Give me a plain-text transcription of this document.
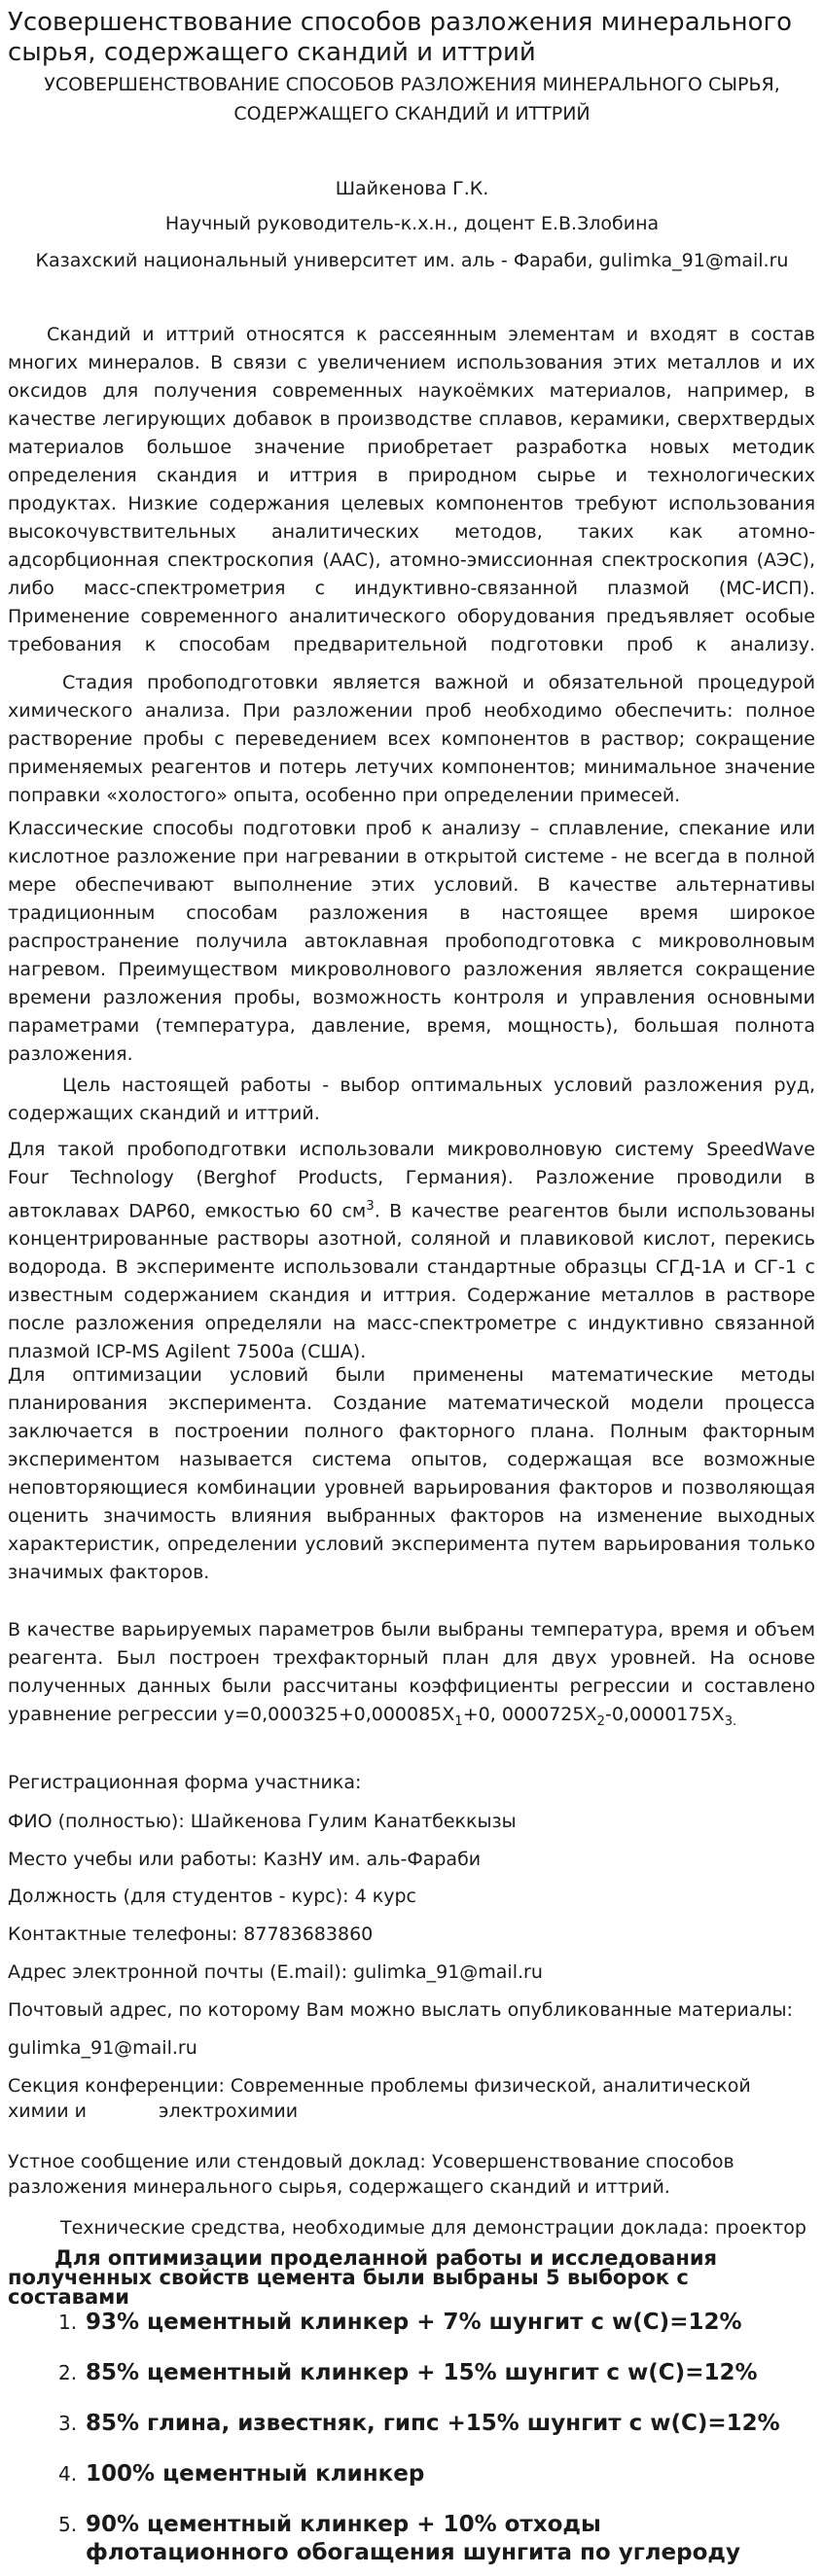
Усовершенствование способов разложения минерального сырья, содержащего скандий и иттрий
УСОВЕРШЕНСТВОВАНИЕ СПОСОБОВ РАЗЛОЖЕНИЯ МИНЕРАЛЬНОГО СЫРЬЯ, СОДЕРЖАЩЕГО СКАНДИЙ И ИТТРИЙ
Шайкенова Г.К.
Научный руководитель-к.х.н., доцент Е.В.Злобина
Казахский национальный университет им. аль - Фараби, gulimka_91@mail.ru

Скандий и иттрий относятся к рассеянным элементам и входят в состав многих минералов. В связи с увеличением использования этих металлов и их оксидов для получения современных наукоёмких материалов, например, в качестве легирующих добавок в производстве сплавов, керамики, сверхтвердых материалов большое значение приобретает разработка новых методик определения скандия и иттрия в природном сырье и технологических продуктах. Низкие содержания целевых компонентов требуют использования высокочувствительных аналитических методов, таких как атомно-адсорбционная спектроскопия (ААС), атомно-эмиссионная спектроскопия (АЭС), либо масс-спектрометрия с индуктивно-связанной плазмой (МС-ИСП). Применение современного аналитического оборудования предъявляет особые требования к способам предварительной подготовки проб к анализу.

Стадия пробоподготовки является важной и обязательной процедурой химического анализа. При разложении проб необходимо обеспечить: полное растворение пробы с переведением всех компонентов в раствор; сокращение применяемых реагентов и потерь летучих компонентов; минимальное значение поправки «холостого» опыта, особенно при определении примесей.

Классические способы подготовки проб к анализу – сплавление, спекание или кислотное разложение при нагревании в открытой системе - не всегда в полной мере обеспечивают выполнение этих условий. В качестве альтернативы традиционным способам разложения в настоящее время широкое распространение получила автоклавная пробоподготовка с микроволновым нагревом. Преимуществом микроволнового разложения является сокращение времени разложения пробы, возможность контроля и управления основными параметрами (температура, давление, время, мощность), большая полнота разложения.

Цель настоящей работы - выбор оптимальных условий разложения руд, содержащих скандий и иттрий.

Для такой пробоподготвки использовали микроволновую систему SpeedWave Four Technology (Berghof Products, Германия). Разложение проводили в автоклавах DAP60, емкостью 60 $см^3$. В качестве реагентов были использованы концентрированные растворы азотной, соляной и плавиковой кислот, перекись водорода. В эксперименте использовали стандартные образцы СГД-1А и СГ-1 с известным содержанием скандия и иттрия. Содержание металлов в растворе после разложения определяли на масс-спектрометре с индуктивно связанной плазмой ICP-MS Agilent 7500a (США).

Для оптимизации условий были применены математические методы планирования эксперимента. Создание математической модели процесса заключается в построении полного факторного плана. Полным факторным экспериментом называется система опытов, содержащая все возможные неповторяющиеся комбинации уровней варьирования факторов и позволяющая оценить значимость влияния выбранных факторов на изменение выходных характеристик, определении условий эксперимента путем варьирования только значимых факторов.

В качестве варьируемых параметров были выбраны температура, время и объем реагента. Был построен трехфакторный план для двух уровней. На основе полученных данных были рассчитаны коэффициенты регрессии и составлено уравнение регрессии $y=0,000325+0,000085X_1+0$, $0000725X_2-0,0000175X_{3.}$

Регистрационная форма участника:
ФИО (полностью): Шайкенова Гулим Канатбеккызы
Место учебы или работы: КазНУ им. аль-Фараби
Должность (для студентов - курс): 4 курс
Контактные телефоны: 87783683860
Адрес электронной почты (E.mail): gulimka_91@mail.ru
Почтовый адрес, по которому Вам можно выслать опубликованные материалы:
gulimka_91@mail.ru
Секция конференции: Современные проблемы физической, аналитической химии и	электрохимии
Устное сообщение или стендовый доклад: Усовершенствование способов разложения минерального сырья, содержащего скандий и иттрий.
Технические средства, необходимые для демонстрации доклада: проектор
Для оптимизации проделанной работы и исследования
полученных свойств цемента были выбраны 5 выборок с
составами
1. 93% цементный клинкер + 7% шунгит с w(C)=12%
2. 85% цементный клинкер + 15% шунгит с w(C)=12%
3. 85% глина, известняк, гипс +15% шунгит с w(C)=12%
4. 100% цементный клинкер
5. 90% цементный клинкер + 10% отходы флотационного обогащения шунгита по углероду
